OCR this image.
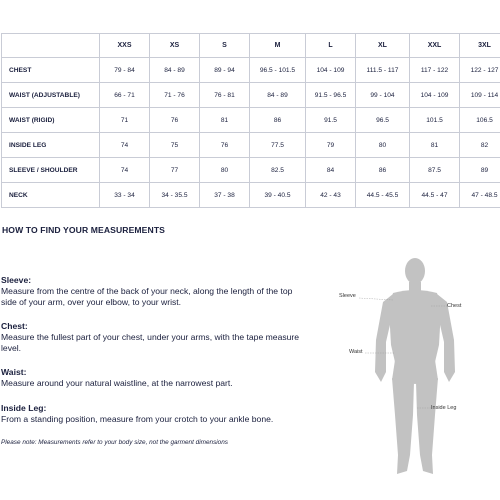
	XXS	XS	S	M	L	XL	XXL	3XL
CHEST	79 - 84	84 - 89	89 - 94	96.5 - 101.5	104 - 109	111.5 - 117	117 - 122	122 - 127
WAIST (ADJUSTABLE)	66 - 71	71 - 76	76 - 81	84 - 89	91.5 - 96.5	99 - 104	104 - 109	109 - 114
WAIST (RIGID)	71	76	81	86	91.5	96.5	101.5	106.5
INSIDE LEG	74	75	76	77.5	79	80	81	82
SLEEVE / SHOULDER	74	77	80	82.5	84	86	87.5	89
NECK	33 - 34	34 - 35.5	37 - 38	39 - 40.5	42 - 43	44.5 - 45.5	44.5 - 47	47 - 48.5
HOW TO FIND YOUR MEASUREMENTS
Sleeve:
Measure from the centre of the back of your neck, along the length of the top side of your arm, over your elbow, to your wrist.
Chest:
Measure the fullest part of your chest, under your arms, with the tape measure level.
Waist:
Measure around your natural waistline, at the narrowest part.
Inside Leg:
From a standing position, measure from your crotch to your ankle bone.
Please note: Measurements refer to your body size, not the garment dimensions
Sleeve
Chest
Waist
Inside Leg
